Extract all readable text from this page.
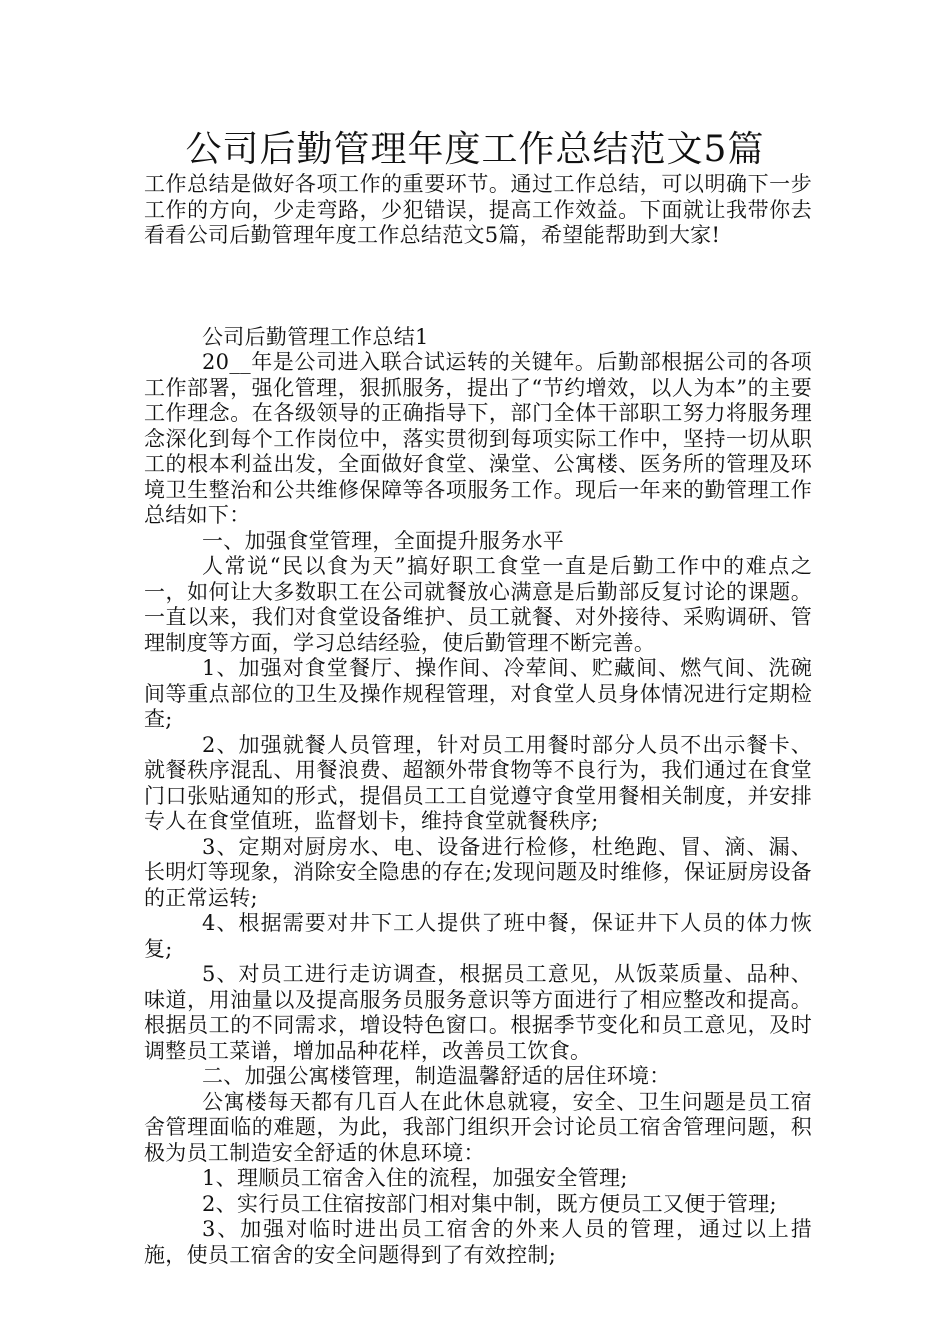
公司后勤管理年度工作总结范文5篇

工作总结是做好各项工作的重要环节。通过工作总结，可以明确下一步工作的方向，少走弯路，少犯错误，提高工作效益。下面就让我带你去看看公司后勤管理年度工作总结范文5篇，希望能帮助到大家!

公司后勤管理工作总结1

20__年是公司进入联合试运转的关键年。后勤部根据公司的各项工作部署，强化管理，狠抓服务，提出了“节约增效，以人为本”的主要工作理念。在各级领导的正确指导下，部门全体干部职工努力将服务理念深化到每个工作岗位中，落实贯彻到每项实际工作中，坚持一切从职工的根本利益出发，全面做好食堂、澡堂、公寓楼、医务所的管理及环境卫生整治和公共维修保障等各项服务工作。现后一年来的勤管理工作总结如下：

一、加强食堂管理，全面提升服务水平

人常说“民以食为天”搞好职工食堂一直是后勤工作中的难点之一，如何让大多数职工在公司就餐放心满意是后勤部反复讨论的课题。一直以来，我们对食堂设备维护、员工就餐、对外接待、采购调研、管理制度等方面，学习总结经验，使后勤管理不断完善。

1、加强对食堂餐厅、操作间、冷荤间、贮藏间、燃气间、洗碗间等重点部位的卫生及操作规程管理，对食堂人员身体情况进行定期检查;

2、加强就餐人员管理，针对员工用餐时部分人员不出示餐卡、就餐秩序混乱、用餐浪费、超额外带食物等不良行为，我们通过在食堂门口张贴通知的形式，提倡员工工自觉遵守食堂用餐相关制度，并安排专人在食堂值班，监督划卡，维持食堂就餐秩序;

3、定期对厨房水、电、设备进行检修，杜绝跑、冒、滴、漏、长明灯等现象，消除安全隐患的存在;发现问题及时维修，保证厨房设备的正常运转;

4、根据需要对井下工人提供了班中餐，保证井下人员的体力恢复;

5、对员工进行走访调查，根据员工意见，从饭菜质量、品种、味道，用油量以及提高服务员服务意识等方面进行了相应整改和提高。根据员工的不同需求，增设特色窗口。根据季节变化和员工意见，及时调整员工菜谱，增加品种花样，改善员工饮食。

二、加强公寓楼管理，制造温馨舒适的居住环境：

公寓楼每天都有几百人在此休息就寝，安全、卫生问题是员工宿舍管理面临的难题，为此，我部门组织开会讨论员工宿舍管理问题，积极为员工制造安全舒适的休息环境：

1、理顺员工宿舍入住的流程，加强安全管理;

2、实行员工住宿按部门相对集中制，既方便员工又便于管理;

3、加强对临时进出员工宿舍的外来人员的管理，通过以上措施，使员工宿舍的安全问题得到了有效控制;
